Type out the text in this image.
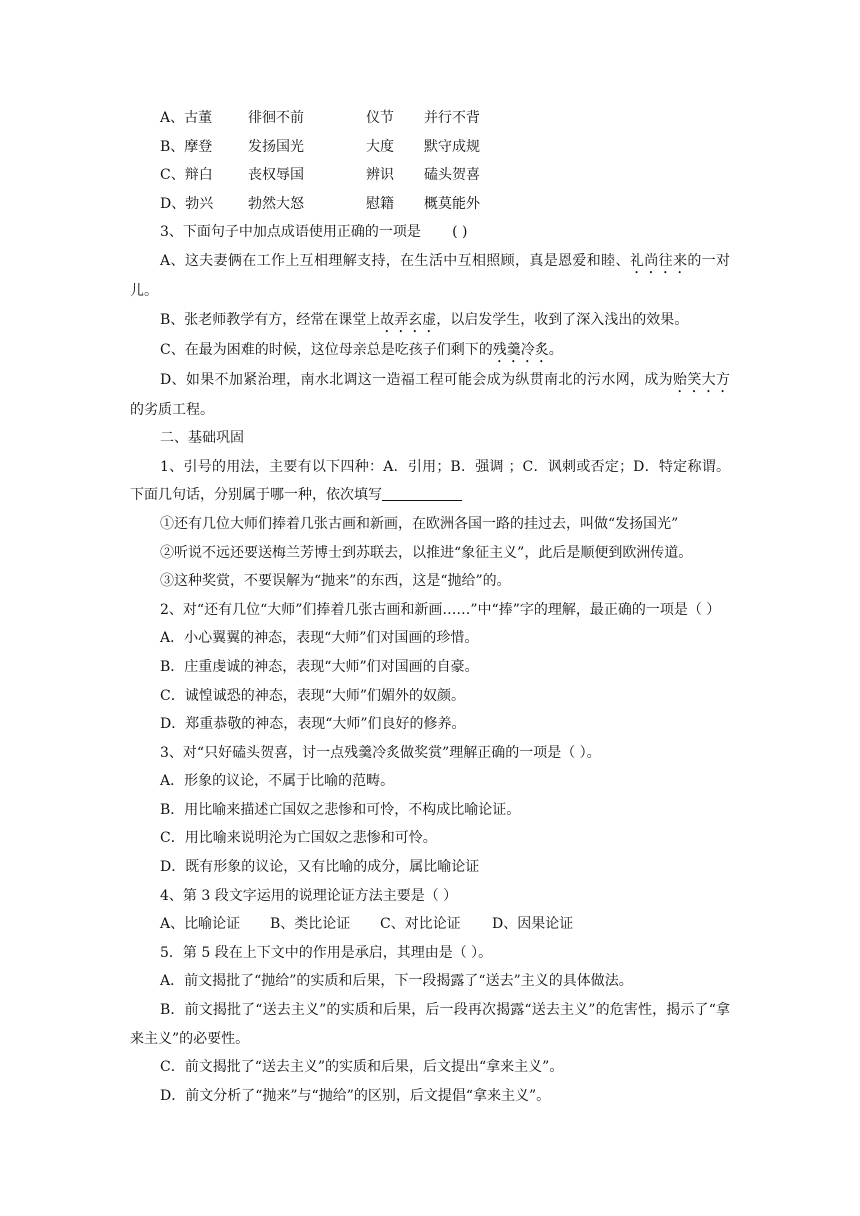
A、古董	徘徊不前	仪节 并行不背
B、摩登	发扬国光	大度 默守成规
C、辩白	丧权辱国	辨识 磕头贺喜
D、勃兴 勃然大怒	慰籍 概莫能外
3、下面句子中加点成语使用正确的一项是 ( )
A、这夫妻俩在工作上互相理解支持，在生活中互相照顾，真是恩爱和睦、礼尚往来的一对儿。
B、张老师教学有方，经常在课堂上故弄玄虚，以启发学生，收到了深入浅出的效果。
C、在最为困难的时候，这位母亲总是吃孩子们剩下的残羹冷炙。
D、如果不加紧治理，南水北调这一造福工程可能会成为纵贯南北的污水网，成为贻笑大方的劣质工程。
二、基础巩固
1、引号的用法，主要有以下四种：A．引用；B．强调 ；C．讽刺或否定；D．特定称谓。下面几句话，分别属于哪一种，依次填写
①还有几位大师们捧着几张古画和新画，在欧洲各国一路的挂过去，叫做“发扬国光”
②听说不远还要送梅兰芳博士到苏联去，以推进“象征主义”，此后是顺便到欧洲传道。
③这种奖赏，不要误解为“抛来”的东西，这是“抛给”的。
2、对“还有几位“大师”们捧着几张古画和新画……”中“捧”字的理解，最正确的一项是（ ）
A．小心翼翼的神态，表现“大师”们对国画的珍惜。
B．庄重虔诚的神态，表现“大师”们对国画的自豪。
C．诚惶诚恐的神态，表现“大师”们媚外的奴颜。
D．郑重恭敬的神态，表现“大师”们良好的修养。
3、对“只好磕头贺喜，讨一点残羹冷炙做奖赏”理解正确的一项是（ ）。
A．形象的议论，不属于比喻的范畴。
B．用比喻来描述亡国奴之悲惨和可怜，不构成比喻论证。
C．用比喻来说明沦为亡国奴之悲惨和可怜。
D．既有形象的议论，又有比喻的成分，属比喻论证
4、第 3 段文字运用的说理论证方法主要是（ ）
A、比喻论证 B、类比论证 C、对比论证 D、因果论证
5．第 5 段在上下文中的作用是承启，其理由是（ ）。
A．前文揭批了“抛给”的实质和后果，下一段揭露了“送去”主义的具体做法。
B．前文揭批了“送去主义”的实质和后果，后一段再次揭露“送去主义”的危害性，揭示了“拿来主义”的必要性。
C．前文揭批了“送去主义”的实质和后果，后文提出“拿来主义”。
D．前文分析了“抛来”与“抛给”的区别，后文提倡“拿来主义”。
